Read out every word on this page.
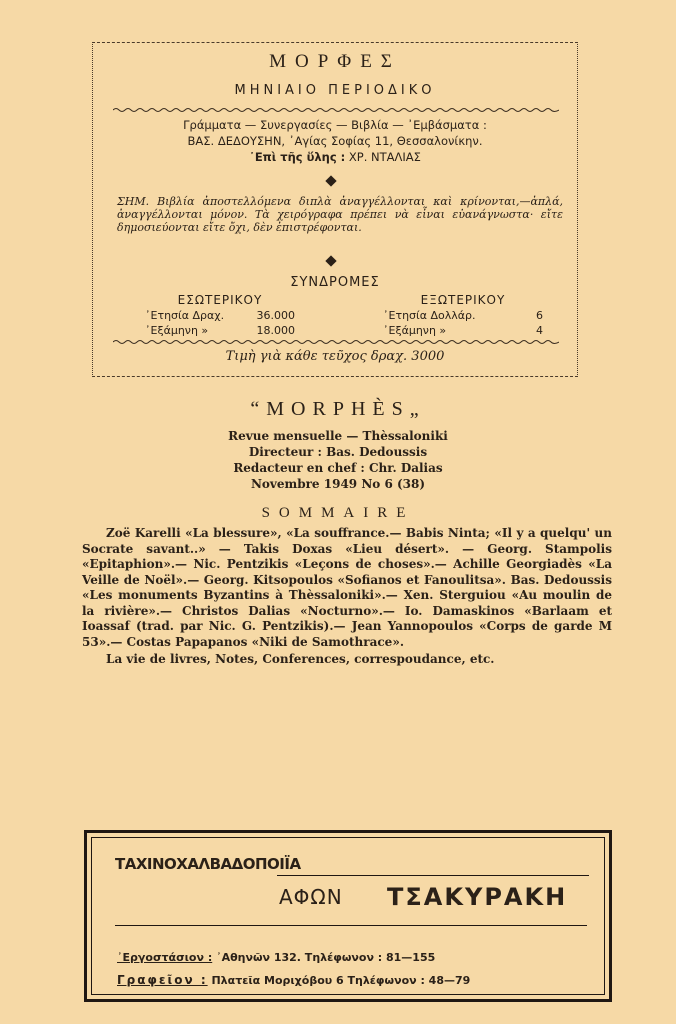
ΜΟΡΦΕΣ
ΜΗΝΙΑΙΟ ΠΕΡΙΟΔΙΚΟ
Γράμματα — Συνεργασίες — Βιβλία — ᾽Εμβάσματα :
ΒΑΣ. ΔΕΔΟΥΣΗΝ, ᾽Αγίας Σοφίας 11, Θεσσαλονίκην.
᾽Επὶ τῆς ὕλης : ΧΡ. ΝΤΑΛΙΑΣ
ΣΗΜ. Βιβλία ἀποστελλόμενα διπλὰ ἀναγγέλλονται καὶ κρίνονται,—ἁπλά, ἀναγγέλλονται μόνον. Τὰ χειρόγραφα πρέπει νὰ εἶναι εὐανάγνωστα· εἴτε δημοσιεύονται εἴτε ὄχι, δὲν ἐπιστρέφονται.
ΣΥΝΔΡΟΜΕΣ
ΕΣΩΤΕΡΙΚΟΥ
᾽Ετησία Δραχ.	36.000
᾽Εξάμηνη »	18.000
ΕΞΩΤΕΡΙΚΟΥ
᾽Ετησία Δολλάρ.	6
᾽Εξάμηνη »	4
Τιμὴ γιὰ κάθε τεῦχος δραχ. 3000
“MORPHÈS„
Revue mensuelle — Thèssaloniki
Directeur : Bas. Dedoussis
Redacteur en chef : Chr. Dalias
Novembre 1949 No 6 (38)
SOMMAIRE

Zoë Karelli «La blessure», «La souffrance.— Babis Ninta; «Il y a quelqu' un Socrate savant..» — Takis Doxas «Lieu désert». — Georg. Stampolis «Epitaphion».— Nic. Pentzikis «Leçons de choses».— Achille Georgiadès «La Veille de Noël».— Georg. Kitsopoulos «Sofianos et Fanoulitsa». Bas. Dedoussis «Les monuments Byzantins à Thèssaloniki».— Xen. Sterguiou «Au moulin de la rivière».— Christos Dalias «Nocturno».— Io. Damaskinos «Barlaam et Ioassaf (trad. par Nic. G. Pentzikis).— Jean Yannopoulos «Corps de garde M 53».— Costas Papapanos «Niki de Samothrace».

La vie de livres, Notes, Conferences, correspoudance, etc.

ΤΑΧΙΝΟΧΑΛΒΑΔΟΠΟΙΪΑ
ΑΦΩΝ ΤΣΑΚΥΡΑΚΗ
᾽Εργοστάσιον : ᾽Αθηνῶν 132. Τηλέφωνον : 81—155
Γραφεῖον : Πλατεῖα Μοριχόβου 6 Τηλέφωνον : 48—79
